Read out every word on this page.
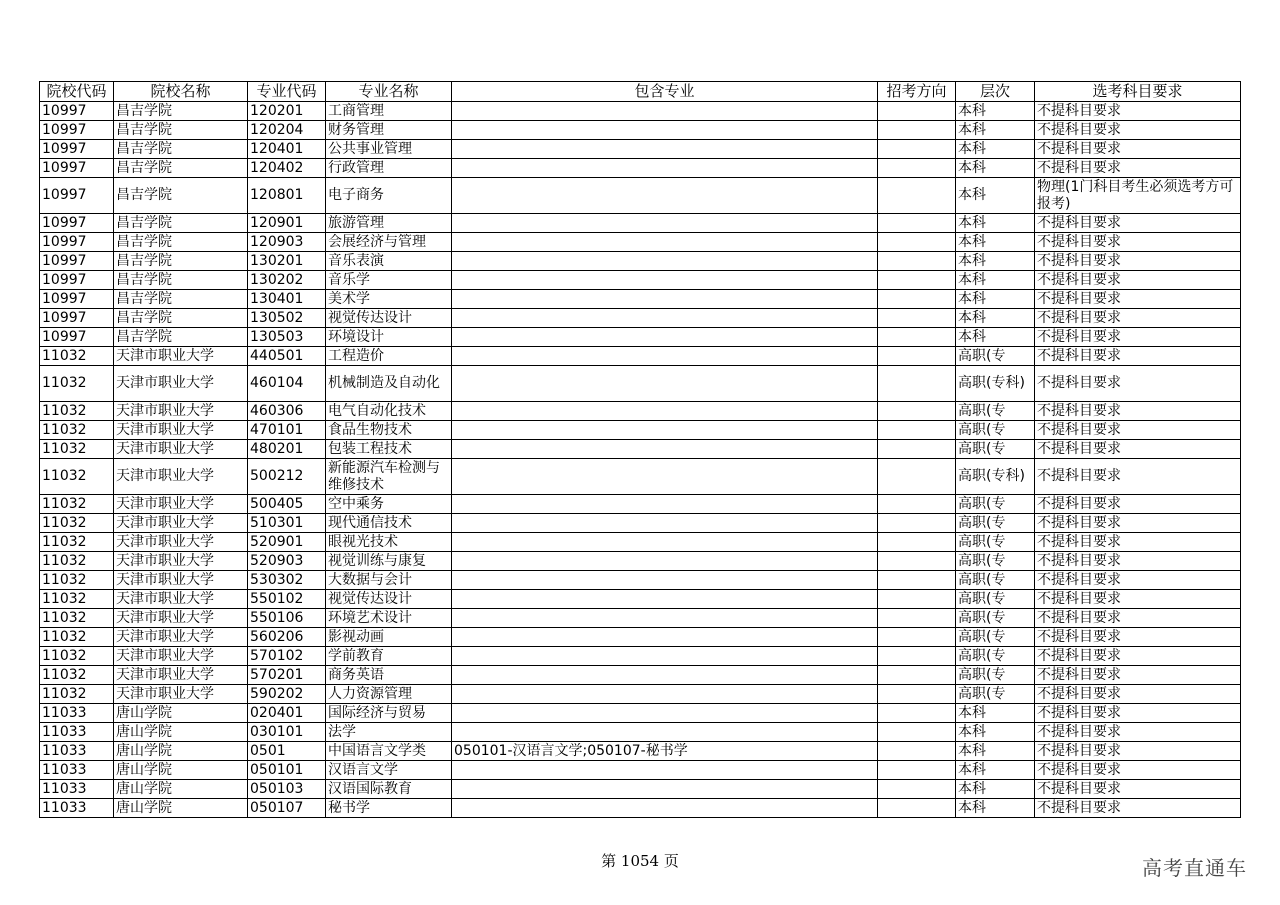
院校代码	院校名称	专业代码	专业名称	包含专业	招考方向	层次	选考科目要求
10997	昌吉学院	120201	工商管理			本科	不提科目要求
10997	昌吉学院	120204	财务管理			本科	不提科目要求
10997	昌吉学院	120401	公共事业管理			本科	不提科目要求
10997	昌吉学院	120402	行政管理			本科	不提科目要求
10997	昌吉学院	120801	电子商务			本科	物理(1门科目考生必须选考方可报考)
10997	昌吉学院	120901	旅游管理			本科	不提科目要求
10997	昌吉学院	120903	会展经济与管理			本科	不提科目要求
10997	昌吉学院	130201	音乐表演			本科	不提科目要求
10997	昌吉学院	130202	音乐学			本科	不提科目要求
10997	昌吉学院	130401	美术学			本科	不提科目要求
10997	昌吉学院	130502	视觉传达设计			本科	不提科目要求
10997	昌吉学院	130503	环境设计			本科	不提科目要求
11032	天津市职业大学	440501	工程造价			高职(专	不提科目要求
11032	天津市职业大学	460104	机械制造及自动化			高职(专科)	不提科目要求
11032	天津市职业大学	460306	电气自动化技术			高职(专	不提科目要求
11032	天津市职业大学	470101	食品生物技术			高职(专	不提科目要求
11032	天津市职业大学	480201	包装工程技术			高职(专	不提科目要求
11032	天津市职业大学	500212	新能源汽车检测与维修技术			高职(专科)	不提科目要求
11032	天津市职业大学	500405	空中乘务			高职(专	不提科目要求
11032	天津市职业大学	510301	现代通信技术			高职(专	不提科目要求
11032	天津市职业大学	520901	眼视光技术			高职(专	不提科目要求
11032	天津市职业大学	520903	视觉训练与康复			高职(专	不提科目要求
11032	天津市职业大学	530302	大数据与会计			高职(专	不提科目要求
11032	天津市职业大学	550102	视觉传达设计			高职(专	不提科目要求
11032	天津市职业大学	550106	环境艺术设计			高职(专	不提科目要求
11032	天津市职业大学	560206	影视动画			高职(专	不提科目要求
11032	天津市职业大学	570102	学前教育			高职(专	不提科目要求
11032	天津市职业大学	570201	商务英语			高职(专	不提科目要求
11032	天津市职业大学	590202	人力资源管理			高职(专	不提科目要求
11033	唐山学院	020401	国际经济与贸易			本科	不提科目要求
11033	唐山学院	030101	法学			本科	不提科目要求
11033	唐山学院	0501	中国语言文学类	050101-汉语言文学;050107-秘书学		本科	不提科目要求
11033	唐山学院	050101	汉语言文学			本科	不提科目要求
11033	唐山学院	050103	汉语国际教育			本科	不提科目要求
11033	唐山学院	050107	秘书学			本科	不提科目要求
第 1054 页	高考直通车
